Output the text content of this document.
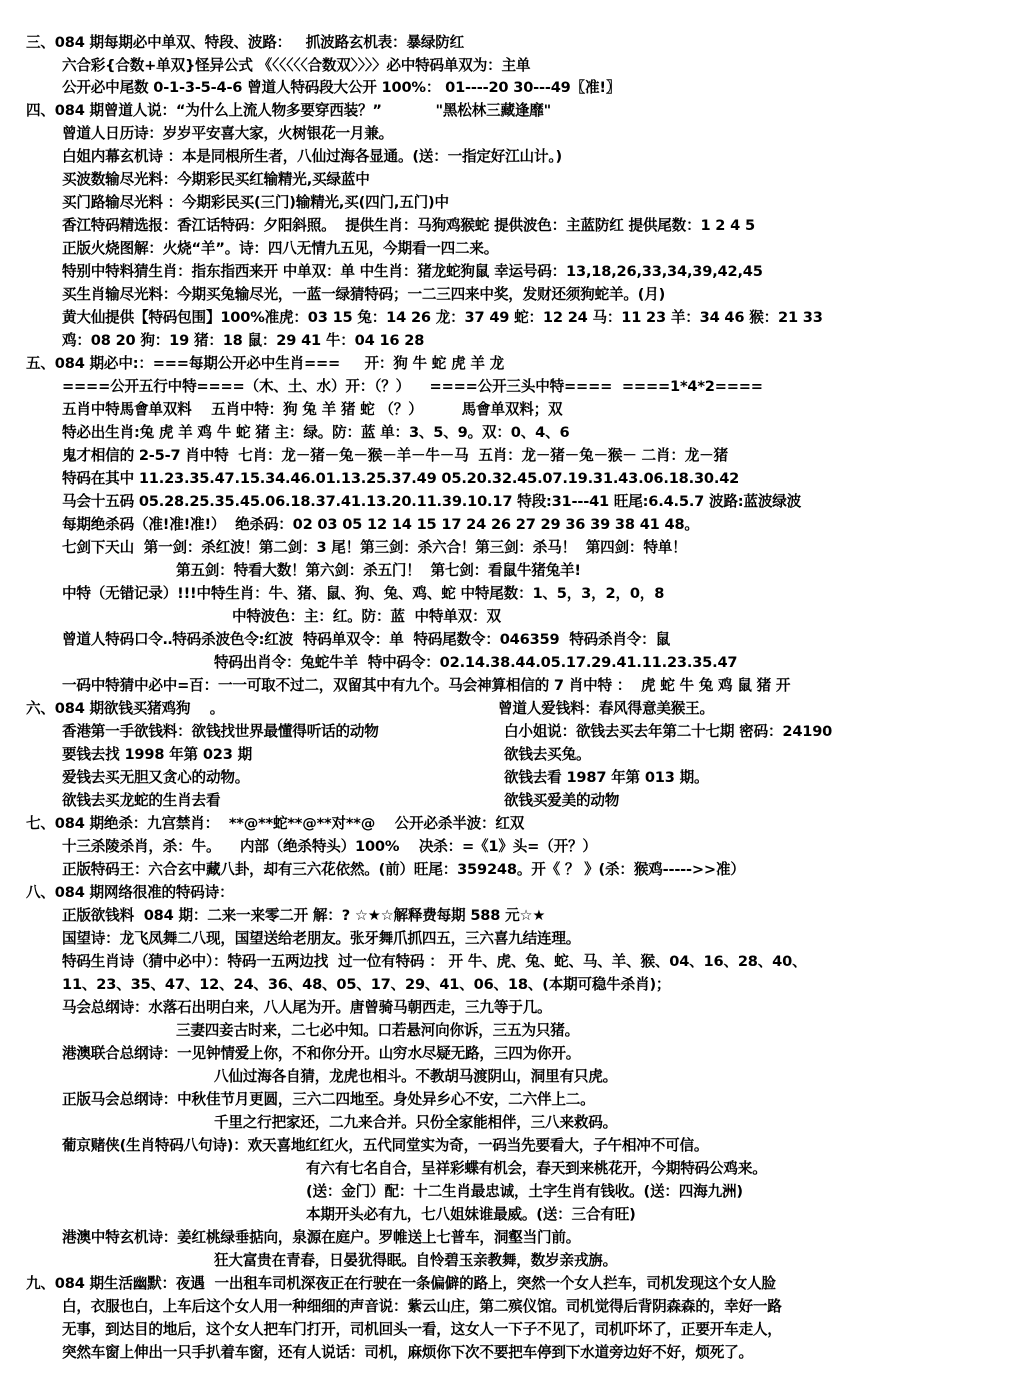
三、084 期每期必中单双、特段、波路：   抓波路玄机表：暴绿防红
六合彩{合数+单双}怪异公式 《〈〈〈〈〈合数双〉〉〉〉必中特码单双为：主单
公开必中尾数 0-1-3-5-4-6 曾道人特码段大公开 100%： 01----20 30---49〖准!〗
四、084 期曾道人说：“为什么上流人物多要穿西装？”           "黑松林三藏逢靡"
曾道人日历诗：岁岁平安喜大家，火树银花一月兼。
白姐内幕玄机诗 ：本是同根所生者，八仙过海各显通。(送：一指定好江山计。)
买波数输尽光料：今期彩民买红输精光,买绿蓝中
买门路输尽光料 ：今期彩民买(三门)输精光,买(四门,五门)中
香江特码精选报：香江话特码：夕阳斜照。  提供生肖：马狗鸡猴蛇 提供波色：主蓝防红 提供尾数：1 2 4 5
正版火烧图解：火烧“羊”。诗：四八无情九五见，今期看一四二来。
特别中特料猜生肖：指东指西来开 中单双：单 中生肖：猪龙蛇狗鼠 幸运号码：13,18,26,33,34,39,42,45
买生肖输尽光料：今期买兔输尽光，一蓝一绿猜特码；一二三四来中奖，发财还须狗蛇羊。(月)
黄大仙提供【特码包围】100%准虎：03 15 兔：14 26 龙：37 49 蛇：12 24 马：11 23 羊：34 46 猴：21 33
鸡：08 20 狗：19 猪：18 鼠：29 41 牛：04 16 28
五、084 期必中:：===每期公开必中生肖===     开：狗 牛 蛇 虎 羊 龙
====公开五行中特====（木、土、水）开：（？）    ====公开三头中特====  ====1*4*2====
五肖中特馬會单双料    五肖中特：狗 兔 羊 猪 蛇 （？）        馬會单双料；双
特必出生肖:兔 虎 羊 鸡 牛 蛇 猪 主：绿。防：蓝 单：3、5、9。双：0、4、6
鬼才相信的 2-5-7 肖中特  七肖：龙－猪－兔－猴－羊－牛－马  五肖：龙－猪－兔－猴－ 二肖：龙－猪
特码在其中 11.23.35.47.15.34.46.01.13.25.37.49 05.20.32.45.07.19.31.43.06.18.30.42
马会十五码 05.28.25.35.45.06.18.37.41.13.20.11.39.10.17 特段:31---41 旺尾:6.4.5.7 波路:蓝波绿波
每期绝杀码（准!准!准!）  绝杀码：02 03 05 12 14 15 17 24 26 27 29 36 39 38 41 48。
七剑下天山  第一剑：杀红波！第二剑：3 尾！第三剑：杀六合！第三剑：杀马！  第四剑：特单！
第五剑：特看大数！第六剑：杀五门！  第七剑：看鼠牛猪兔羊!
中特（无错记录）!!!中特生肖：牛、猪、鼠、狗、兔、鸡、蛇 中特尾数：1、5，3，2，0，8
中特波色：主：红。防：蓝  中特单双：双
曾道人特码口令‥特码杀波色令:红波  特码单双令：单  特码尾数令：046359  特码杀肖令：鼠
特码出肖令：兔蛇牛羊  特中码令：02.14.38.44.05.17.29.41.11.23.35.47
一码中特猜中必中=百：一一可取不过二，双留其中有九个。马会神算相信的 7 肖中特 ：  虎 蛇 牛 兔 鸡 鼠 猪 开
六、084 期欲钱买猪鸡狗    。	曾道人爱钱料：春风得意美猴王。
香港第一手欲钱料：欲钱找世界最懂得听话的动物	白小姐说：欲钱去买去年第二十七期 密码：24190
要钱去找 1998 年第 023 期	欲钱去买兔。
爱钱去买无胆又贪心的动物。	欲钱去看 1987 年第 013 期。
欲钱去买龙蛇的生肖去看	欲钱买爱美的动物
七、084 期绝杀：九宫禁肖：  **@**蛇**@**对**@    公开必杀半波：红双
十三杀陵杀肖，杀：牛。    内部（绝杀特头）100%    决杀：=《1》头=（开？）
正版特码王：六合玄中藏八卦，却有三六花依然。(前）旺尾：359248。开《 ？ 》(杀：猴鸡----->>准）
八、084 期网络很准的特码诗：
正版欲钱料  084 期：二来一来零二开 解：? ☆★☆解释费每期 588 元☆★
国望诗：龙飞凤舞二八现，国望送给老朋友。张牙舞爪抓四五，三六喜九结连理。
特码生肖诗（猜中必中）：特码一五两边找  过一位有特码 ： 开 牛、虎、兔、蛇、马、羊、猴、04、16、28、40、
11、23、35、47、12、24、36、48、05、17、29、41、06、18、(本期可稳牛杀肖)；
马会总纲诗：水落石出明白来，八人尾为开。唐曾骑马朝西走，三九等于几。
三妻四妾古时来，二七必中知。口若悬河向你诉，三五为只猪。
港澳联合总纲诗：一见钟情爱上你，不和你分开。山穷水尽疑无路，三四为你开。
八仙过海各自猜，龙虎也相斗。不教胡马渡阴山，洞里有只虎。
正版马会总纲诗：中秋佳节月更圆，三六二四地至。身处异乡心不安，二六伴上二。
千里之行把家还，二九来合并。只份全家能相伴，三八来救码。
葡京赌侠(生肖特码八句诗)：欢天喜地红红火，五代同堂实为奇，一码当先要看大，子午相冲不可信。
有六有七名自合，呈祥彩蝶有机会，春天到来桃花开，今期特码公鸡来。
(送：金门）配：十二生肖最忠诚，土字生肖有钱收。(送：四海九洲)
本期开头必有九，七八姐妹谁最威。(送：三合有旺)
港澳中特玄机诗：姜红桃绿垂掂向，泉源在庭户。罗帷送上七普车，洞壑当门前。
狂大富贵在青春，日晏犹得眠。自怜碧玉亲教舞，数岁亲戎旃。
九、084 期生活幽默：夜遇  一出租车司机深夜正在行驶在一条偏僻的路上，突然一个女人拦车，司机发现这个女人脸
白，衣服也白，上车后这个女人用一种细细的声音说：紫云山庄，第二殡仪馆。司机觉得后背阴森森的，幸好一路
无事，到达目的地后，这个女人把车门打开，司机回头一看，这女人一下子不见了，司机吓坏了，正要开车走人，
突然车窗上伸出一只手扒着车窗，还有人说话：司机，麻烦你下次不要把车停到下水道旁边好不好，烦死了。
